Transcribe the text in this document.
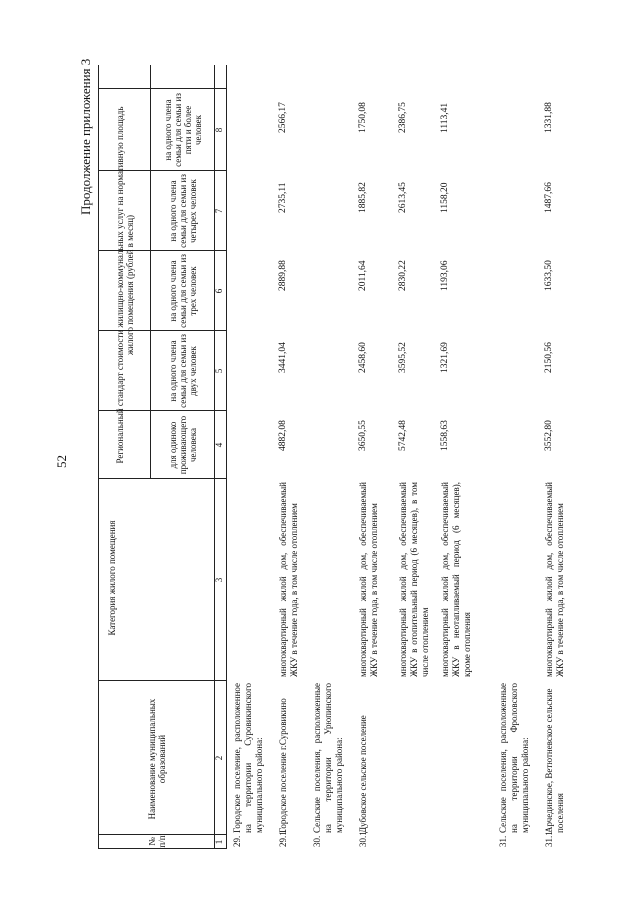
52
Продолжение приложения 3
№ п/п
Наименование муниципальных образований
Категория жилого помещения
Региональный стандарт стоимости жилищно-коммунальных услуг на нормативную площадь жилого помещения (рублей в месяц)
для одиноко проживающего человека
на одного члена семьи для семьи из двух человек
на одного члена семьи для семьи из трех человек
на одного члена семьи для семьи из четырех человек
на одного члена семьи для семьи из пяти и более человек
1
2
3
4
5
6
7
8
29.
Городское поселение, расположенное на территории Суровикинского муниципального района:
29.1.
Городское поселение г.Суровикино
многоквартирный жилой дом, обеспечиваемый ЖКУ в течение года, в том числе отоплением
4882,08
3441,04
2889,88
2735,11
2566,17
30.
Сельские поселения, расположенные на территории Урюпинского муниципального района:
30.1.
Дубовское сельское поселение
многоквартирный жилой дом, обеспечиваемый ЖКУ в течение года, в том числе отоплением
3650,55
2458,60
2011,64
1885,82
1750,08
многоквартирный жилой дом, обеспечиваемый ЖКУ в отопительный период (6 месяцев), в том числе отоплением
5742,48
3595,52
2830,22
2613,45
2386,75
многоквартирный жилой дом, обеспечиваемый ЖКУ в неотапливаемый период (6 месяцев), кроме отопления
1558,63
1321,69
1193,06
1158,20
1113,41
31.
Сельские поселения, расположенные на территории Фроловского муниципального района:
31.1.
Арчединское, Ветютневское сельские поселения
многоквартирный жилой дом, обеспечиваемый ЖКУ в течение года, в том числе отоплением
3552,80
2150,56
1633,50
1487,66
1331,88
